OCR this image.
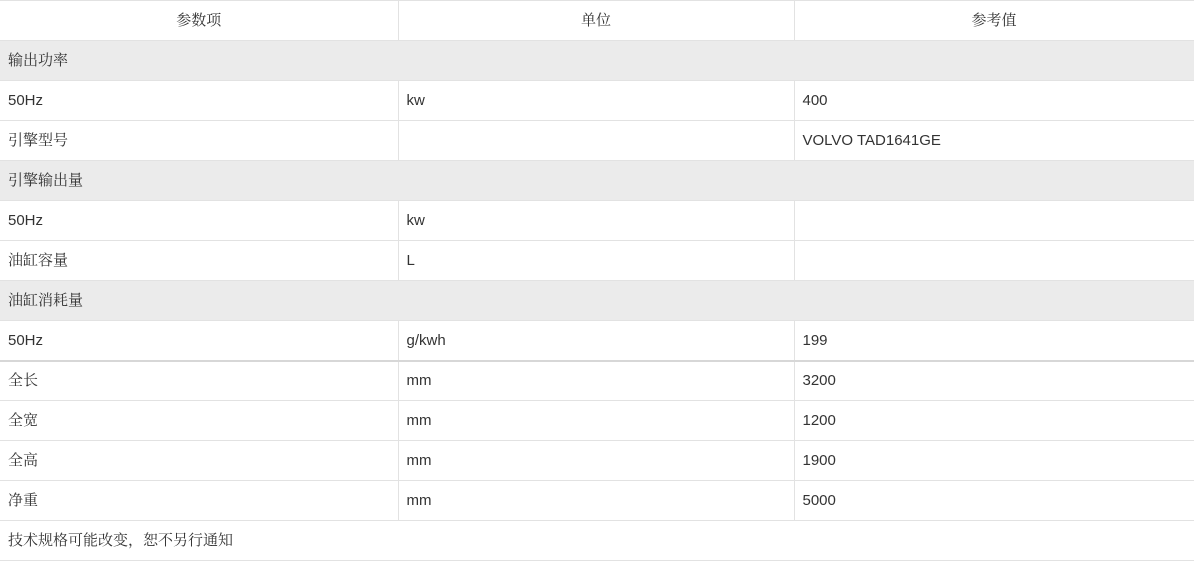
参数项	单位	参考值
输出功率		
50Hz	kw	400
引擎型号		VOLVO TAD1641GE
引擎输出量		
50Hz	kw	
油缸容量	L	
油缸消耗量		
50Hz	g/kwh	199
全长	mm	3200
全宽	mm	1200
全高	mm	1900
净重	mm	5000
技术规格可能改变，恕不另行通知		
